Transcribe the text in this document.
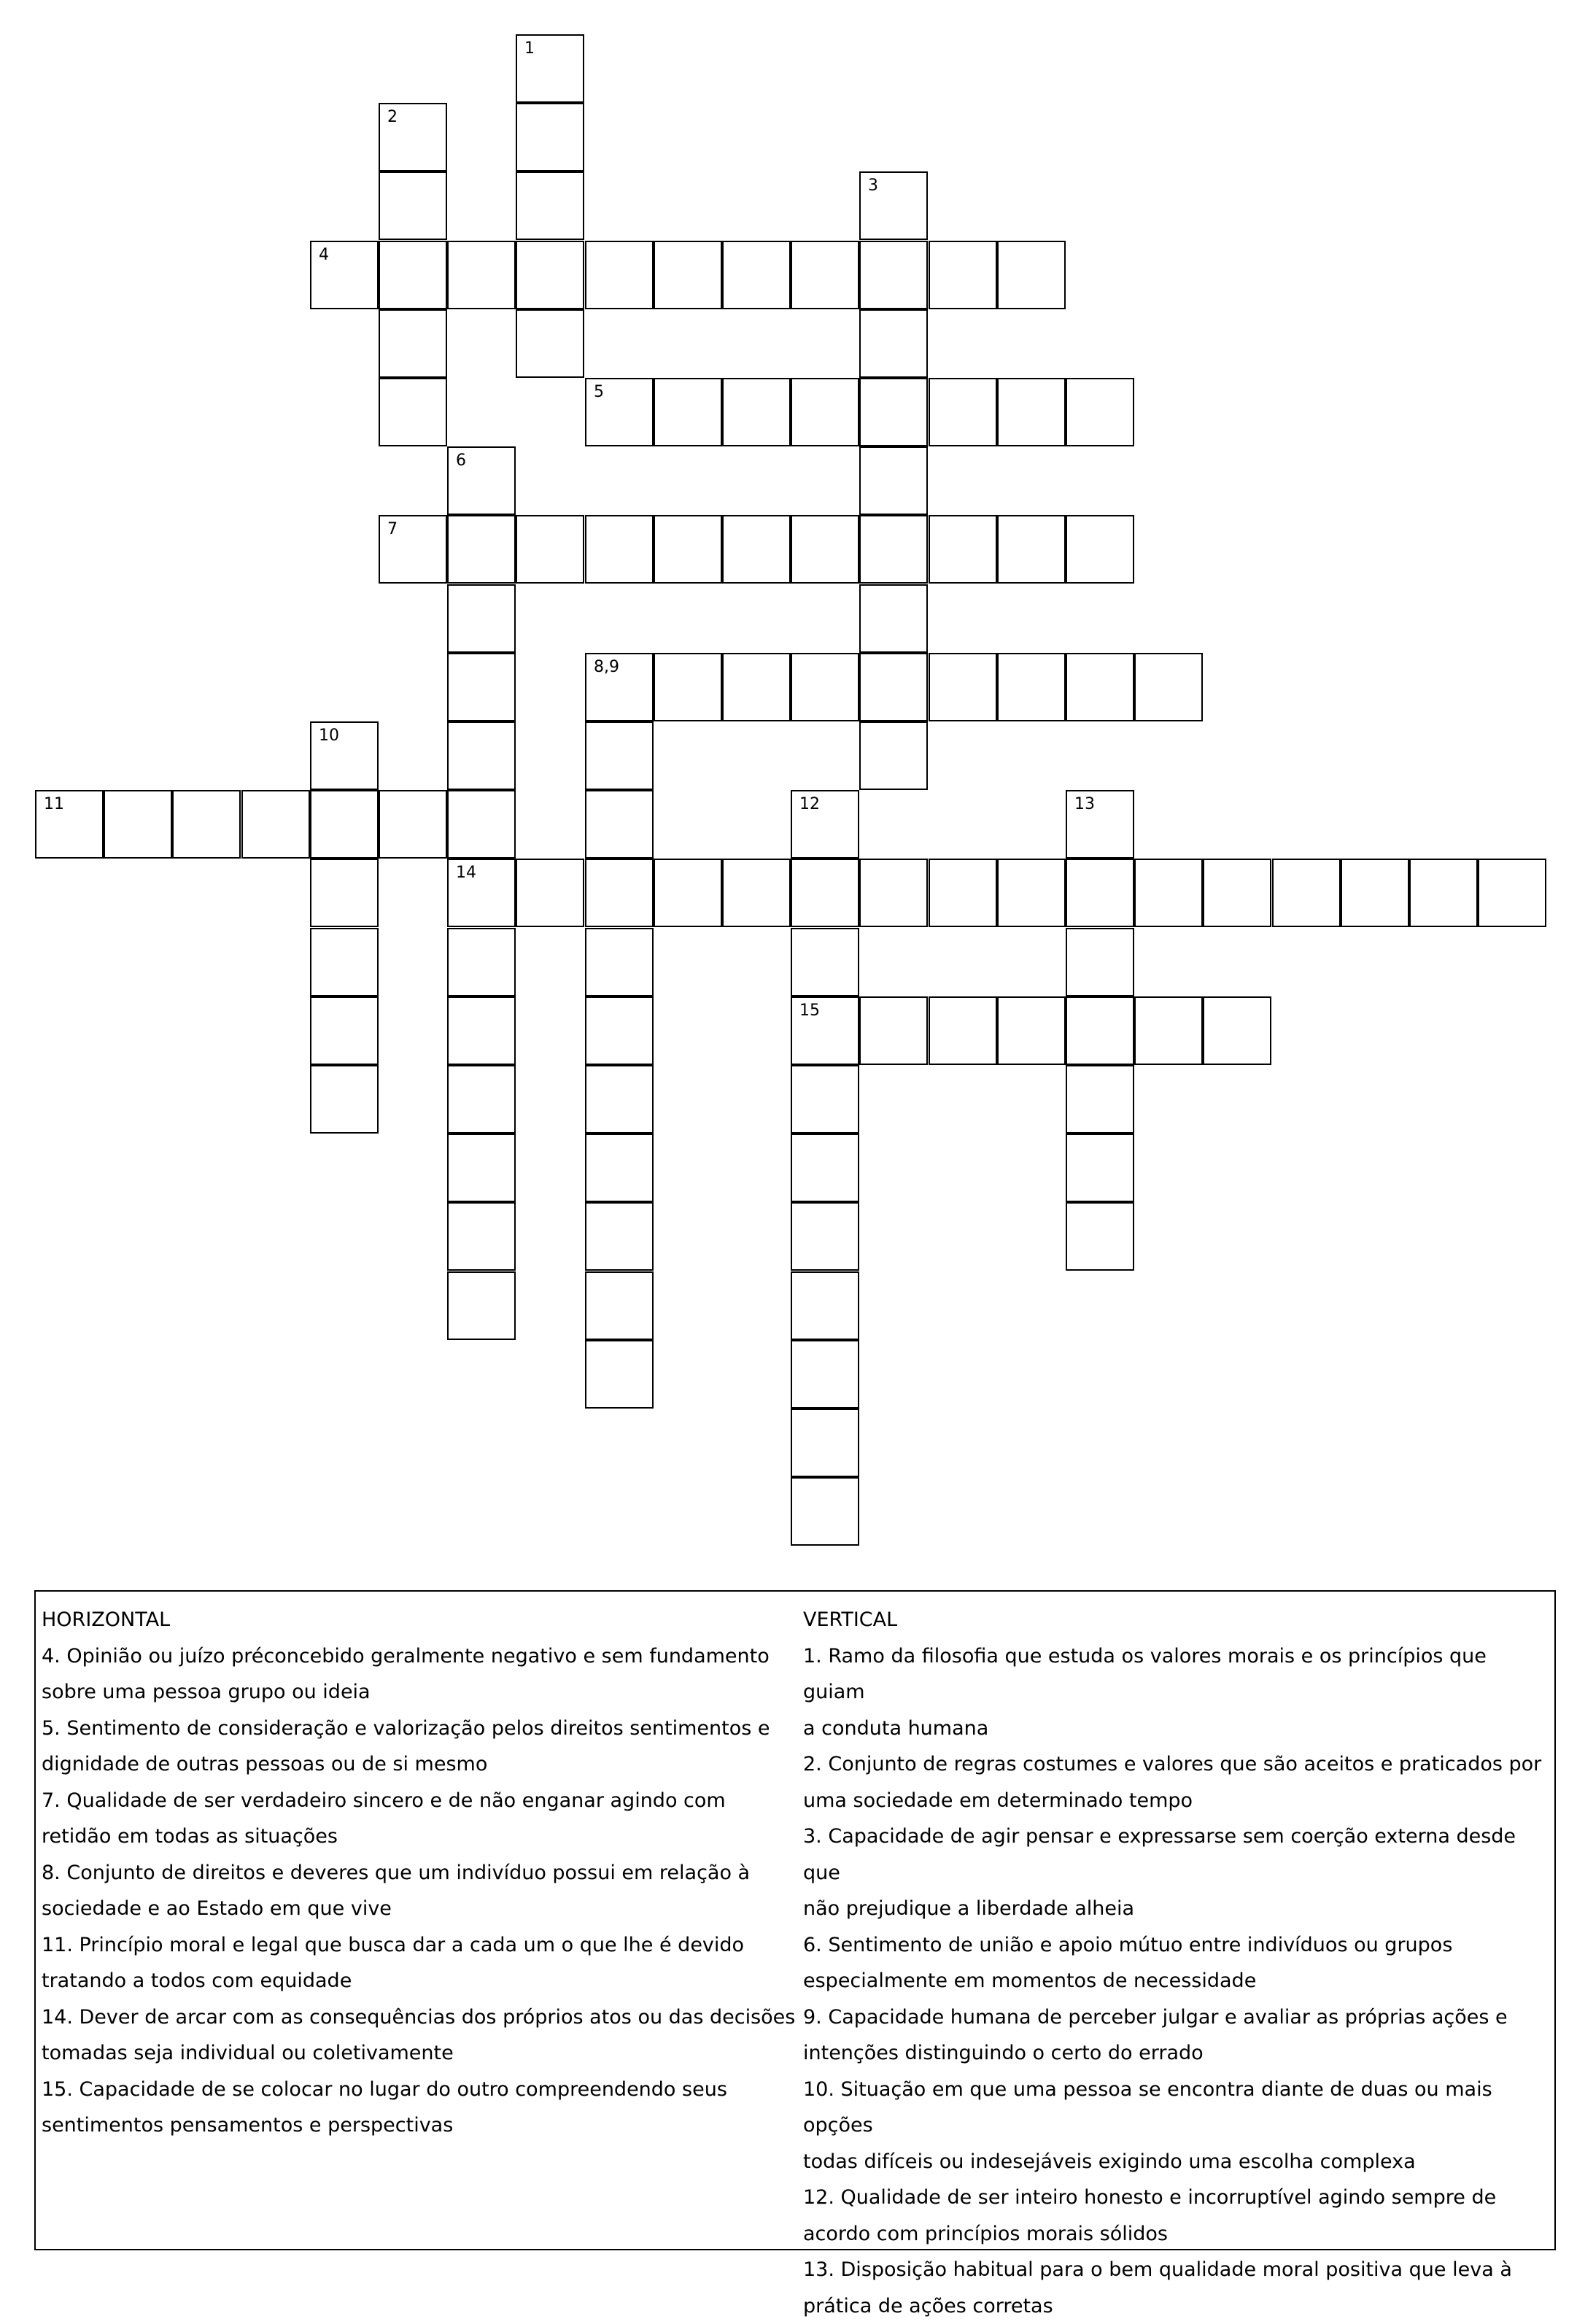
1
2
3
4
5
6
7
8,9
10
11	12	13
14
15

HORIZONTAL

4. Opinião ou juízo préconcebido geralmente negativo e sem fundamento

sobre uma pessoa grupo ou ideia

5. Sentimento de consideração e valorização pelos direitos sentimentos e

dignidade de outras pessoas ou de si mesmo

7. Qualidade de ser verdadeiro sincero e de não enganar agindo com

retidão em todas as situações

8. Conjunto de direitos e deveres que um indivíduo possui em relação à

sociedade e ao Estado em que vive

11. Princípio moral e legal que busca dar a cada um o que lhe é devido

tratando a todos com equidade

14. Dever de arcar com as consequências dos próprios atos ou das decisões

tomadas seja individual ou coletivamente

15. Capacidade de se colocar no lugar do outro compreendendo seus

sentimentos pensamentos e perspectivas

VERTICAL

1. Ramo da filosofia que estuda os valores morais e os princípios que guiam

a conduta humana

2. Conjunto de regras costumes e valores que são aceitos e praticados por

uma sociedade em determinado tempo

3. Capacidade de agir pensar e expressarse sem coerção externa desde que

não prejudique a liberdade alheia

6. Sentimento de união e apoio mútuo entre indivíduos ou grupos

especialmente em momentos de necessidade

9. Capacidade humana de perceber julgar e avaliar as próprias ações e

intenções distinguindo o certo do errado

10. Situação em que uma pessoa se encontra diante de duas ou mais opções

todas difíceis ou indesejáveis exigindo uma escolha complexa

12. Qualidade de ser inteiro honesto e incorruptível agindo sempre de

acordo com princípios morais sólidos

13. Disposição habitual para o bem qualidade moral positiva que leva à

prática de ações corretas
